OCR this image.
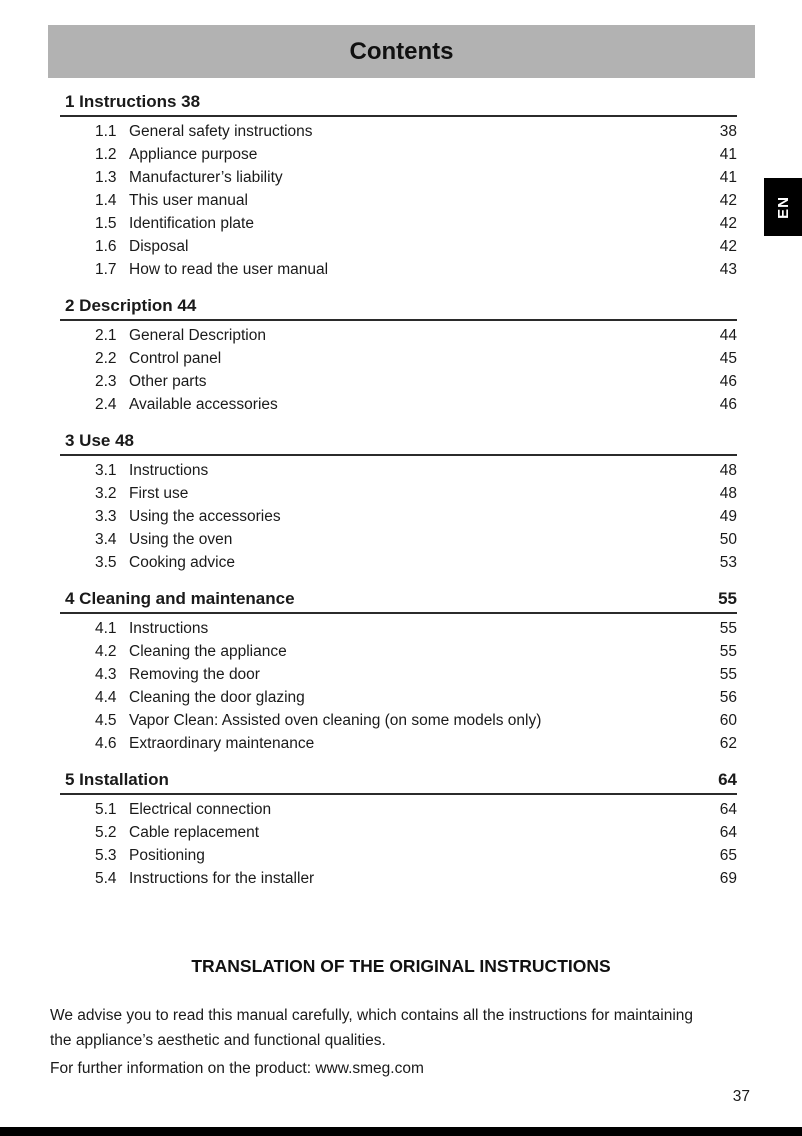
Contents
EN
1 Instructions 38
1.1 General safety instructions	38
1.2 Appliance purpose	41
1.3 Manufacturer’s liability	41
1.4 This user manual	42
1.5 Identification plate	42
1.6 Disposal	42
1.7 How to read the user manual	43
2 Description 44
2.1 General Description	44
2.2 Control panel	45
2.3 Other parts	46
2.4 Available accessories	46
3 Use 48
3.1 Instructions	48
3.2 First use	48
3.3 Using the accessories	49
3.4 Using the oven	50
3.5 Cooking advice	53
4 Cleaning and maintenance	55
4.1 Instructions	55
4.2 Cleaning the appliance	55
4.3 Removing the door	55
4.4 Cleaning the door glazing	56
4.5 Vapor Clean: Assisted oven cleaning (on some models only)	60
4.6 Extraordinary maintenance	62
5 Installation	64
5.1 Electrical connection	64
5.2 Cable replacement	64
5.3 Positioning	65
5.4 Instructions for the installer	69
TRANSLATION OF THE ORIGINAL INSTRUCTIONS
We advise you to read this manual carefully, which contains all the instructions for maintaining the appliance’s aesthetic and functional qualities.
For further information on the product: www.smeg.com
37
